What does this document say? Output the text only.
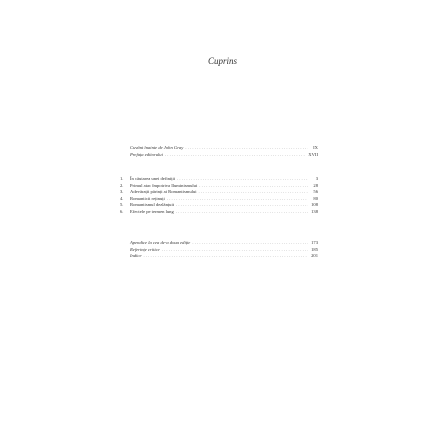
Cuprins
Cuvânt înainte de John Gray .....	IX
Prefața editorului .....	XVII
1.	În căutarea unei definiții .....	3
2.	Primul atac împotriva Iluminismului .....	28
3.	Adevărații părinți ai Romantismului .....	56
4.	Romanticii reținuți .....	80
5.	Romantismul dezlănțuit .....	108
6.	Efectele pe termen lung .....	138
Apendice la cea de-a doua ediție .....	173
Referințe critice .....	185
Indice .....	201
